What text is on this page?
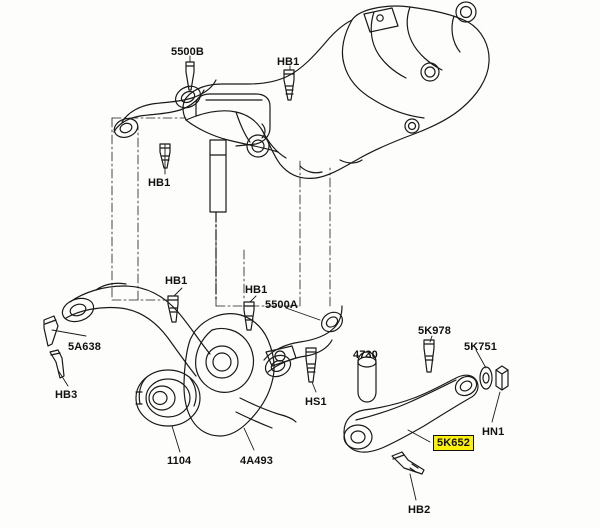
5500B
HB1
HB1
HB1
HB1
5500A
5A638
HB3
1104	4A493
HS1
4730
5K978
5K751
HN1
5K652
HB2
